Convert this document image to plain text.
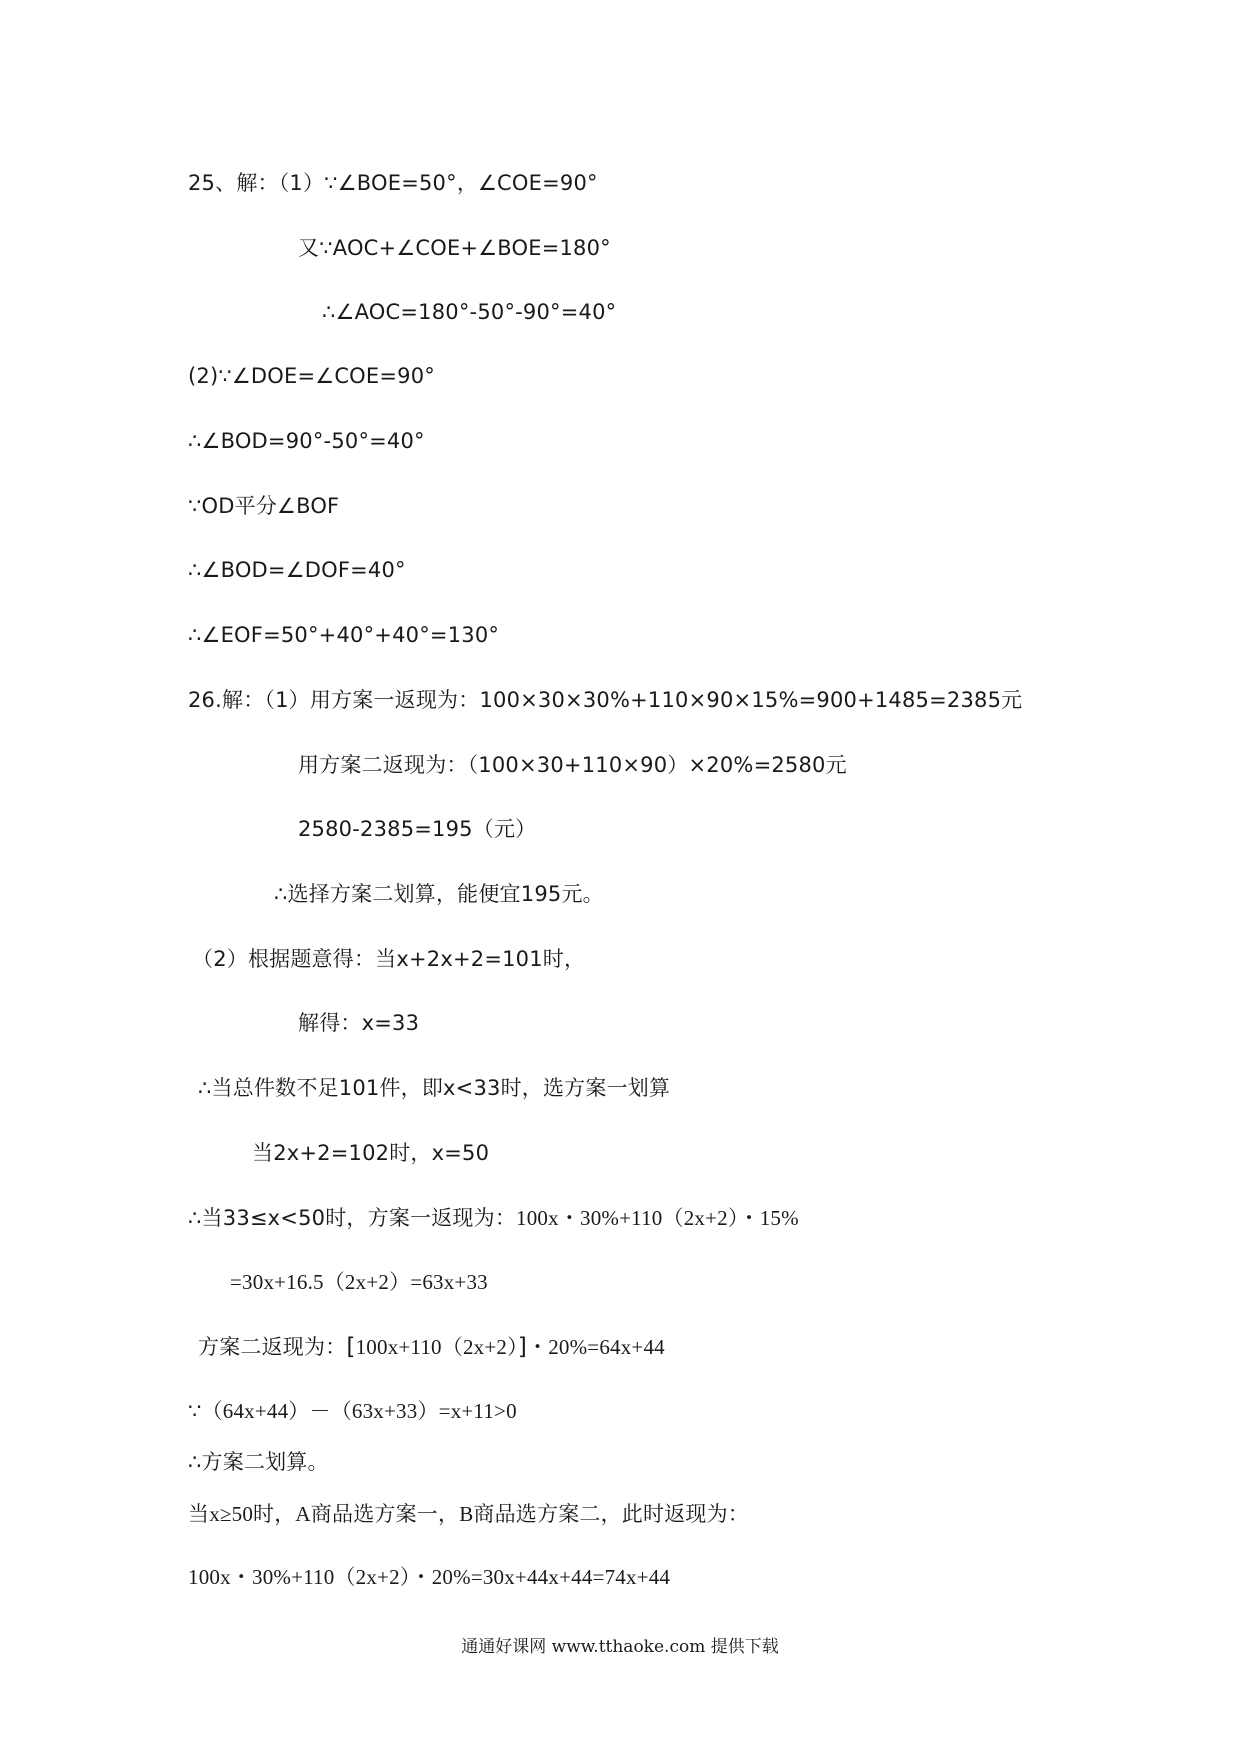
25、解：（1）∵∠BOE=50°，∠COE=90°
又∵AOC+∠COE+∠BOE=180°
∴∠AOC=180°-50°-90°=40°
(2)∵∠DOE=∠COE=90°
∴∠BOD=90°-50°=40°
∵OD平分∠BOF
∴∠BOD=∠DOF=40°
∴∠EOF=50°+40°+40°=130°
26.解：（1）用方案一返现为：100×30×30%+110×90×15%=900+1485=2385元
用方案二返现为：（100×30+110×90）×20%=2580元
2580-2385=195（元）
∴选择方案二划算，能便宜195元。
（2）根据题意得：当x+2x+2=101时，
解得：x=33
∴当总件数不足101件，即x<33时，选方案一划算
当2x+2=102时，x=50
∴当33≤x<50时，方案一返现为：100x・30%+110（2x+2）・15%
=30x+16.5（2x+2）=63x+33
方案二返现为：[100x+110（2x+2）]・20%=64x+44
∵（64x+44）－（63x+33）=x+11>0
∴方案二划算。
当x≥50时，A商品选方案一，B商品选方案二，此时返现为：
100x・30%+110（2x+2）・20%=30x+44x+44=74x+44
通通好课网 www.tthaoke.com 提供下载
